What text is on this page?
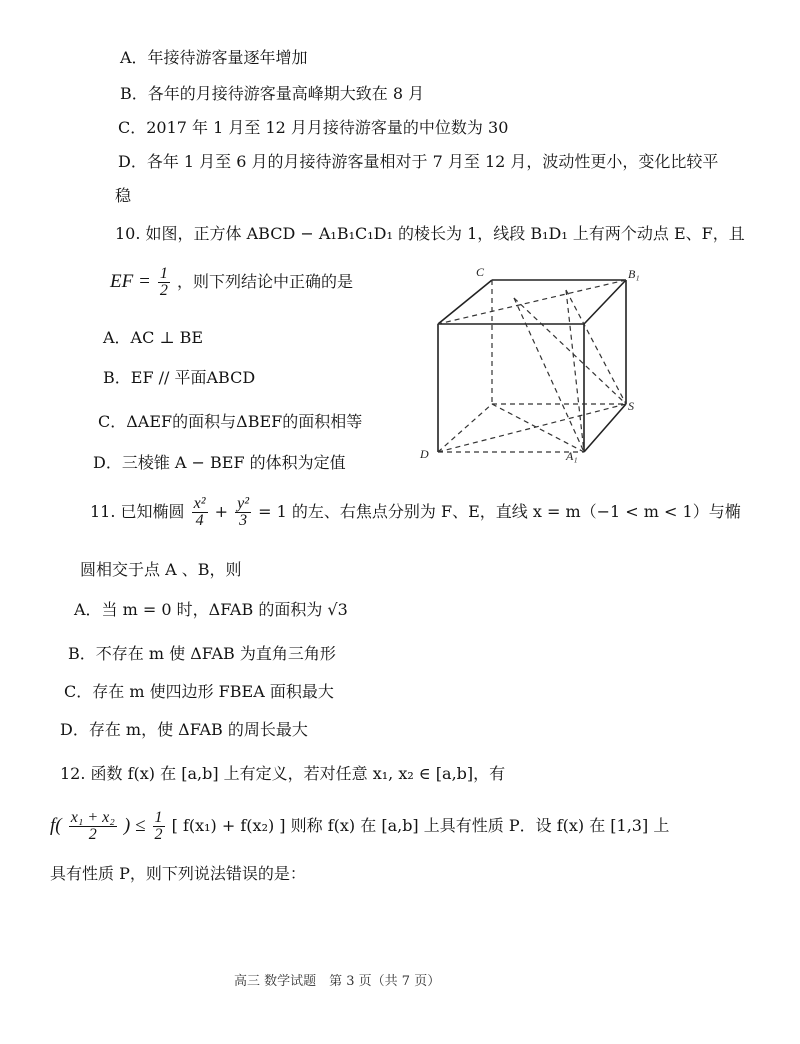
A．年接待游客量逐年增加
B．各年的月接待游客量高峰期大致在 8 月
C．2017 年 1 月至 12 月月接待游客量的中位数为 30
D．各年 1 月至 6 月的月接待游客量相对于 7 月至 12 月，波动性更小，变化比较平
稳
10. 如图，正方体 ABCD − A₁B₁C₁D₁ 的棱长为 1，线段 B₁D₁ 上有两个动点 E、F，且
EF = $\frac{1}{2}$ ，则下列结论中正确的是
A．AC ⊥ BE
B．EF // 平面ABCD
C．ΔAEF的面积与ΔBEF的面积相等
D．三棱锥 A − BEF 的体积为定值
C	B₁
D	A₁
S
11. 已知椭圆 $\frac{\text{x²}}{4} + \frac{\text{y²}}{3} = 1$ 的左、右焦点分别为 F、E，直线 x = m（−1 < m < 1）与椭
圆相交于点 A 、B，则
A．当 m = 0 时，ΔFAB 的面积为 √3
B．不存在 m 使 ΔFAB 为直角三角形
C．存在 m 使四边形 FBEA 面积最大
D．存在 m，使 ΔFAB 的周长最大
12. 函数 f(x) 在 [a,b] 上有定义，若对任意 x₁, x₂ ∈ [a,b]，有
$f( \frac{\text{x₁ + x₂}}{2}$ ) ≤ $\frac{1}{2}$ [ f(x₁) + f(x₂) ] 则称 f(x) 在 [a,b] 上具有性质 P．设 f(x) 在 [1,3] 上
具有性质 P，则下列说法错误的是：
高三 数学试题　第 3 页（共 7 页）
